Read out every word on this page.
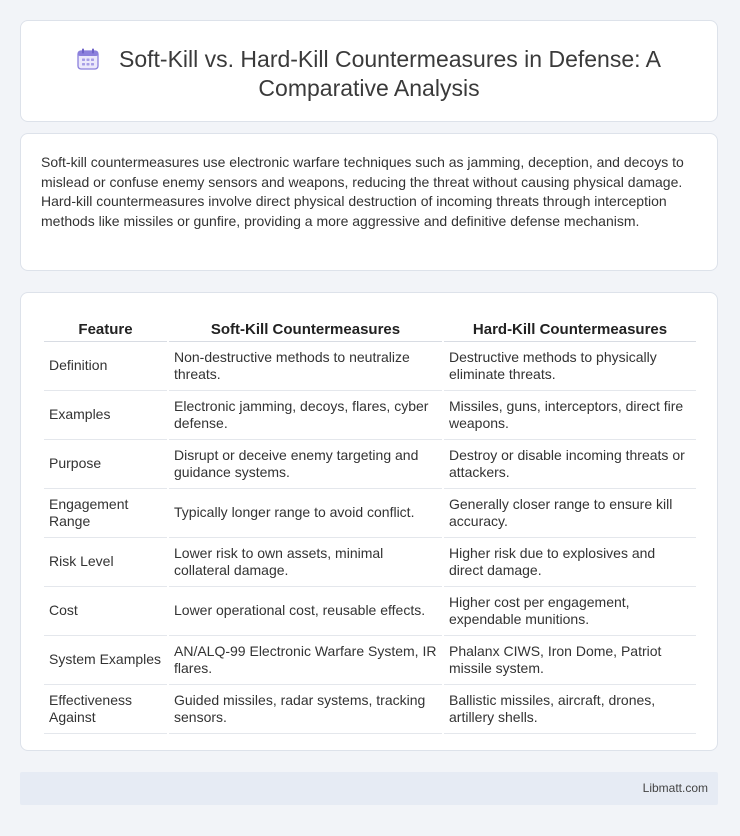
Soft-Kill vs. Hard-Kill Countermeasures in Defense: A Comparative Analysis
Soft-kill countermeasures use electronic warfare techniques such as jamming, deception, and decoys to mislead or confuse enemy sensors and weapons, reducing the threat without causing physical damage. Hard-kill countermeasures involve direct physical destruction of incoming threats through interception methods like missiles or gunfire, providing a more aggressive and definitive defense mechanism.
Feature	Soft-Kill Countermeasures	Hard-Kill Countermeasures
Definition	Non-destructive methods to neutralize threats.	Destructive methods to physically eliminate threats.
Examples	Electronic jamming, decoys, flares, cyber defense.	Missiles, guns, interceptors, direct fire weapons.
Purpose	Disrupt or deceive enemy targeting and guidance systems.	Destroy or disable incoming threats or attackers.
Engagement Range	Typically longer range to avoid conflict.	Generally closer range to ensure kill accuracy.
Risk Level	Lower risk to own assets, minimal collateral damage.	Higher risk due to explosives and direct damage.
Cost	Lower operational cost, reusable effects.	Higher cost per engagement, expendable munitions.
System Examples	AN/ALQ-99 Electronic Warfare System, IR flares.	Phalanx CIWS, Iron Dome, Patriot missile system.
Effectiveness Against	Guided missiles, radar systems, tracking sensors.	Ballistic missiles, aircraft, drones, artillery shells.
Libmatt.com
